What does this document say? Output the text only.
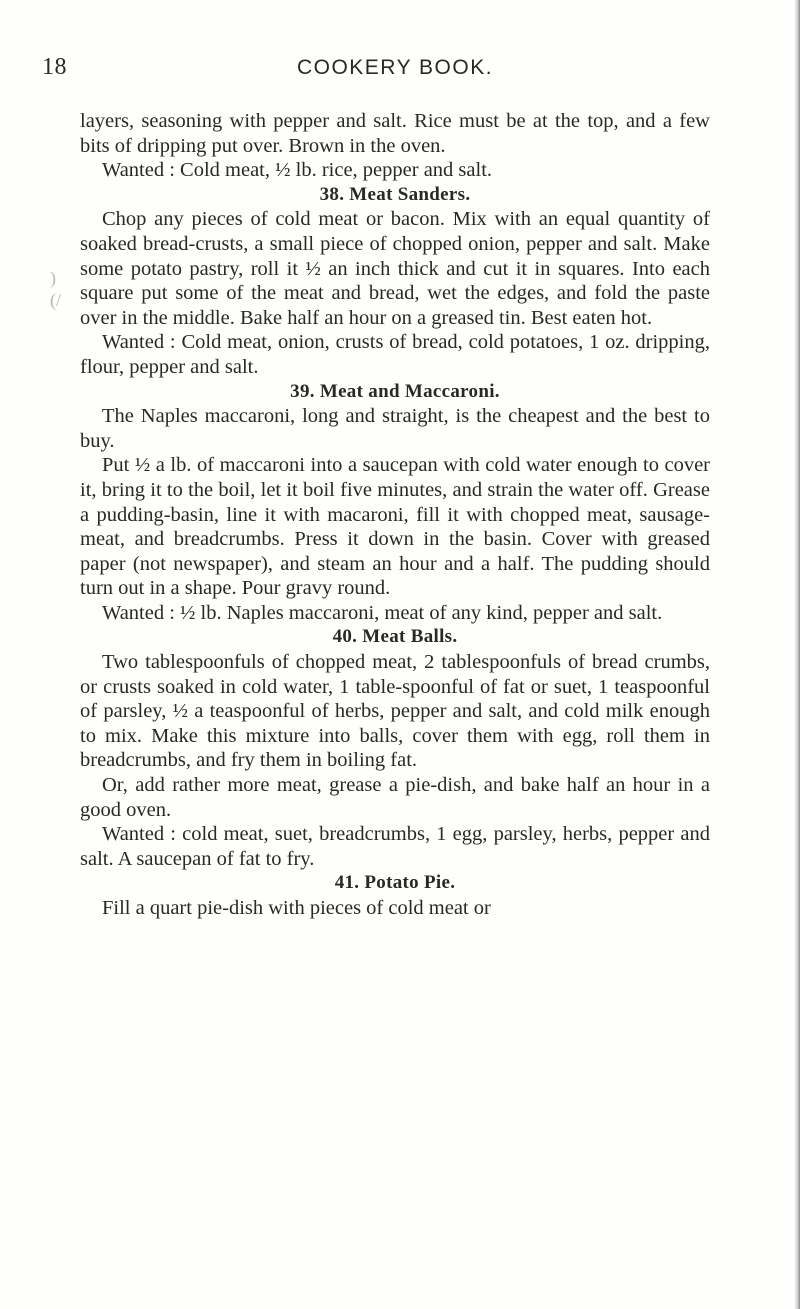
)
(/
18	COOKERY BOOK.

layers, seasoning with pepper and salt. Rice must be at the top, and a few bits of dripping put over. Brown in the oven.

Wanted : Cold meat, ½ lb. rice, pepper and salt.

38. Meat Sanders.

Chop any pieces of cold meat or bacon. Mix with an equal quantity of soaked bread-crusts, a small piece of chopped onion, pepper and salt. Make some potato pastry, roll it ½ an inch thick and cut it in squares. Into each square put some of the meat and bread, wet the edges, and fold the paste over in the middle. Bake half an hour on a greased tin. Best eaten hot.

Wanted : Cold meat, onion, crusts of bread, cold potatoes, 1 oz. dripping, flour, pepper and salt.

39. Meat and Maccaroni.

The Naples maccaroni, long and straight, is the cheapest and the best to buy.

Put ½ a lb. of maccaroni into a saucepan with cold water enough to cover it, bring it to the boil, let it boil five minutes, and strain the water off. Grease a pudding-basin, line it with macaroni, fill it with chopped meat, sausage-meat, and breadcrumbs. Press it down in the basin. Cover with greased paper (not newspaper), and steam an hour and a half. The pudding should turn out in a shape. Pour gravy round.

Wanted : ½ lb. Naples maccaroni, meat of any kind, pepper and salt.

40. Meat Balls.

Two tablespoonfuls of chopped meat, 2 tablespoonfuls of bread crumbs, or crusts soaked in cold water, 1 table-spoonful of fat or suet, 1 teaspoonful of parsley, ½ a teaspoonful of herbs, pepper and salt, and cold milk enough to mix. Make this mixture into balls, cover them with egg, roll them in breadcrumbs, and fry them in boiling fat.

Or, add rather more meat, grease a pie-dish, and bake half an hour in a good oven.

Wanted : cold meat, suet, breadcrumbs, 1 egg, parsley, herbs, pepper and salt. A saucepan of fat to fry.

41. Potato Pie.

Fill a quart pie-dish with pieces of cold meat or
